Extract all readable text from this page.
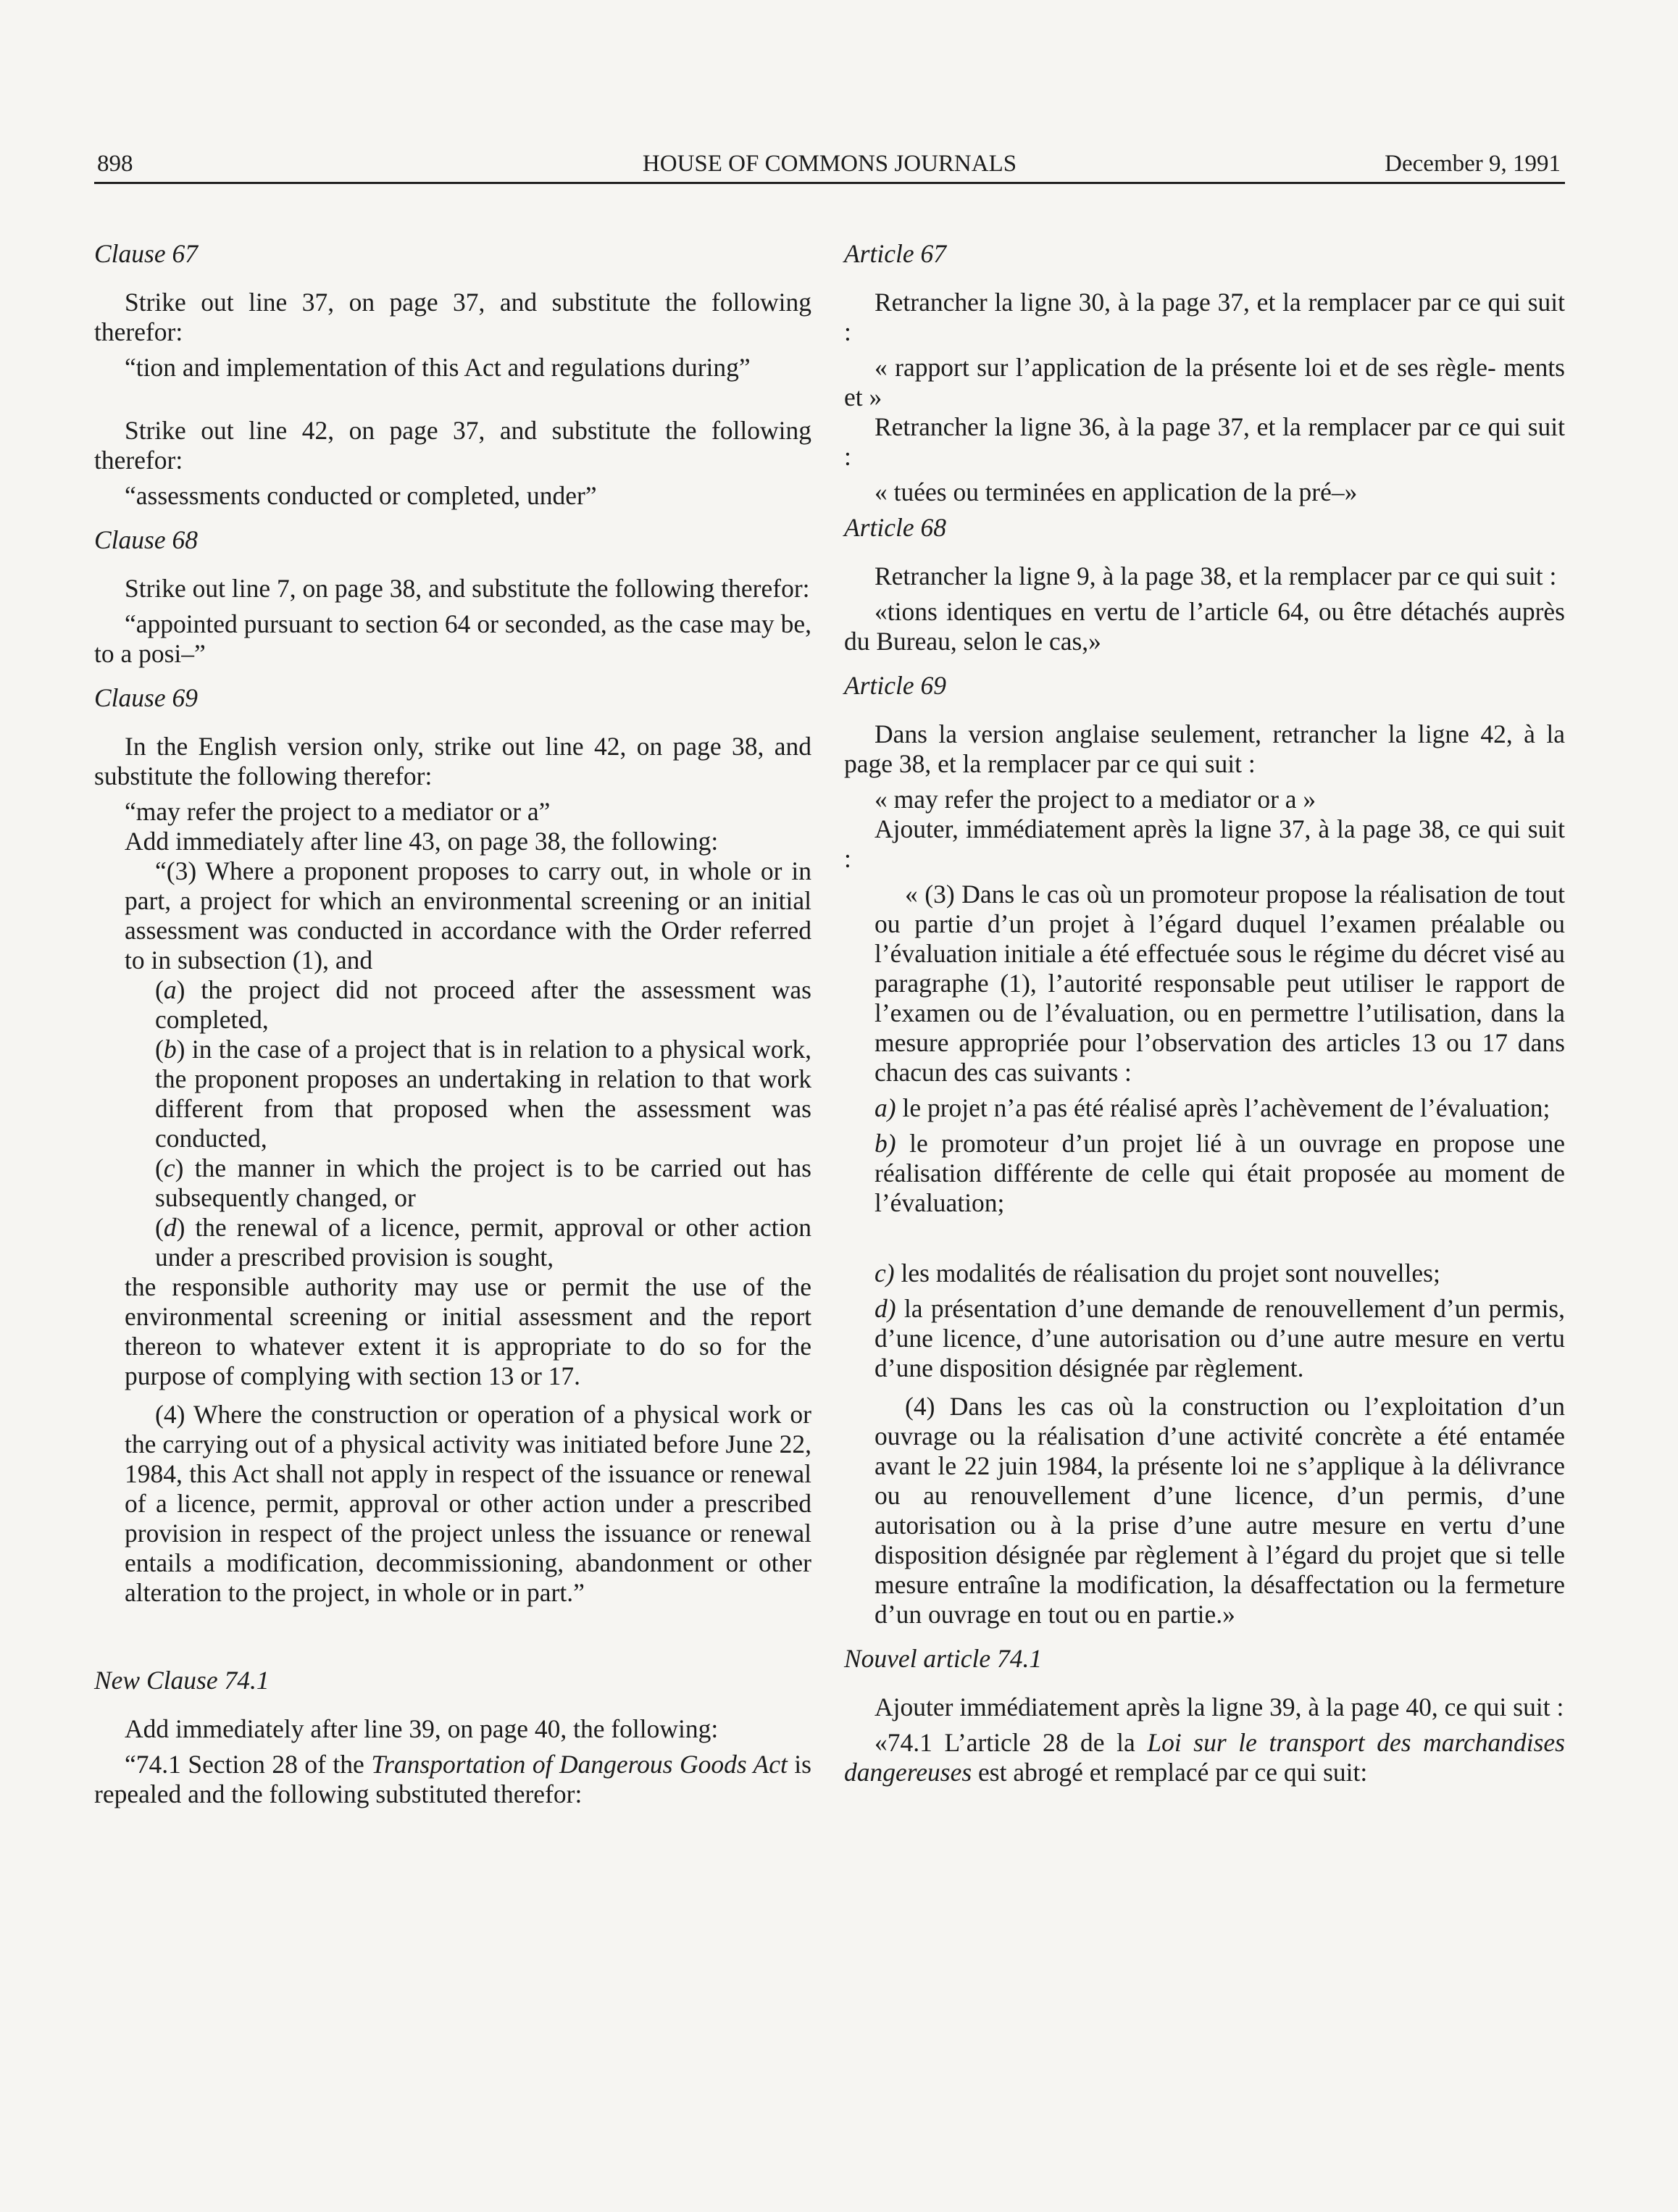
HOUSE OF COMMONS JOURNALS
898	December 9, 1991

Clause 67

Strike out line 37, on page 37, and substitute the following therefor:

“tion and implementation of this Act and regulations during”

Strike out line 42, on page 37, and substitute the following therefor:

“assessments conducted or completed, under”

Clause 68

Strike out line 7, on page 38, and substitute the following therefor:

“appointed pursuant to section 64 or seconded, as the case may be, to a posi–”

Clause 69

In the English version only, strike out line 42, on page 38, and substitute the following therefor:

“may refer the project to a mediator or a”

Add immediately after line 43, on page 38, the following:

“(3) Where a proponent proposes to carry out, in whole or in part, a project for which an environmental screening or an initial assessment was conducted in accordance with the Order referred to in subsection (1), and

(a) the project did not proceed after the assessment was completed,

(b) in the case of a project that is in relation to a physical work, the proponent proposes an undertaking in relation to that work different from that proposed when the assessment was conducted,

(c) the manner in which the project is to be carried out has subsequently changed, or

(d) the renewal of a licence, permit, approval or other action under a prescribed provision is sought,

the responsible authority may use or permit the use of the environmental screening or initial assessment and the report thereon to whatever extent it is appropriate to do so for the purpose of complying with section 13 or 17.

(4) Where the construction or operation of a physical work or the carrying out of a physical activity was initiated before June 22, 1984, this Act shall not apply in respect of the issuance or renewal of a licence, permit, approval or other action under a prescribed provision in respect of the project unless the issuance or renewal entails a modification, decommissioning, abandonment or other alteration to the project, in whole or in part.”

New Clause 74.1

Add immediately after line 39, on page 40, the following:

“74.1 Section 28 of the Transportation of Dangerous Goods Act is repealed and the following substituted therefor:

Article 67

Retrancher la ligne 30, à la page 37, et la remplacer par ce qui suit :

« rapport sur l’application de la présente loi et de ses règle- ments et »

Retrancher la ligne 36, à la page 37, et la remplacer par ce qui suit :

« tuées ou terminées en application de la pré–»

Article 68

Retrancher la ligne 9, à la page 38, et la remplacer par ce qui suit :

«tions identiques en vertu de l’article 64, ou être détachés auprès du Bureau, selon le cas,»

Article 69

Dans la version anglaise seulement, retrancher la ligne 42, à la page 38, et la remplacer par ce qui suit :

« may refer the project to a mediator or a »

Ajouter, immédiatement après la ligne 37, à la page 38, ce qui suit :

« (3) Dans le cas où un promoteur propose la réalisation de tout ou partie d’un projet à l’égard duquel l’examen préalable ou l’évaluation initiale a été effectuée sous le régime du décret visé au paragraphe (1), l’autorité responsable peut utiliser le rapport de l’examen ou de l’évaluation, ou en permettre l’utilisation, dans la mesure appropriée pour l’observation des articles 13 ou 17 dans chacun des cas suivants :

a) le projet n’a pas été réalisé après l’achèvement de l’évaluation;

b) le promoteur d’un projet lié à un ouvrage en propose une réalisation différente de celle qui était proposée au moment de l’évaluation;

c) les modalités de réalisation du projet sont nouvelles;

d) la présentation d’une demande de renouvellement d’un permis, d’une licence, d’une autorisation ou d’une autre mesure en vertu d’une disposition désignée par règlement.

(4) Dans les cas où la construction ou l’exploitation d’un ouvrage ou la réalisation d’une activité concrète a été entamée avant le 22 juin 1984, la présente loi ne s’applique à la délivrance ou au renouvellement d’une licence, d’un permis, d’une autorisation ou à la prise d’une autre mesure en vertu d’une disposition désignée par règlement à l’égard du projet que si telle mesure entraîne la modification, la désaffectation ou la fermeture d’un ouvrage en tout ou en partie.»

Nouvel article 74.1

Ajouter immédiatement après la ligne 39, à la page 40, ce qui suit :

«74.1 L’article 28 de la Loi sur le transport des marchandises dangereuses est abrogé et remplacé par ce qui suit:
